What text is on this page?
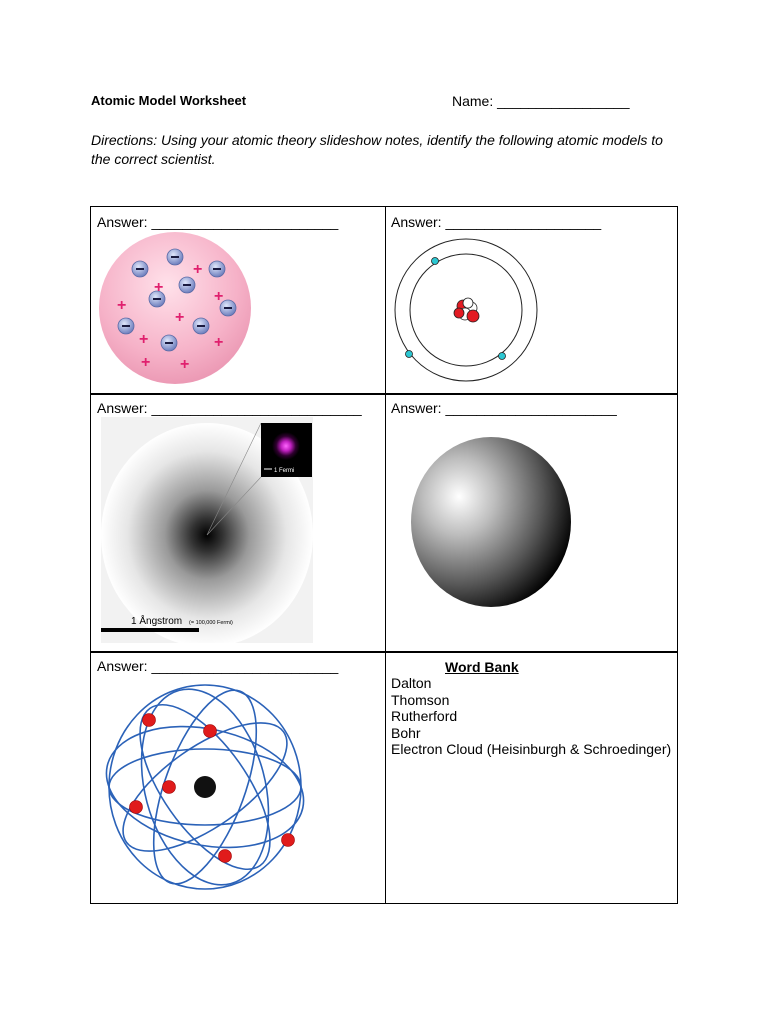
Atomic Model Worksheet	Name: _________________
Directions: Using your atomic theory slideshow notes, identify the following atomic models to the correct scientist.
Answer: ________________________
+
+
+
+
+
+	+
+ +
Answer: ____________________
Answer: ___________________________
1 Fermi
1 Ångstrom (= 100,000 Fermi)
Answer: ______________________
Answer: ________________________	Word Bank
Dalton
Thomson
Rutherford
Bohr
Electron Cloud (Heisinburgh & Schroedinger)
